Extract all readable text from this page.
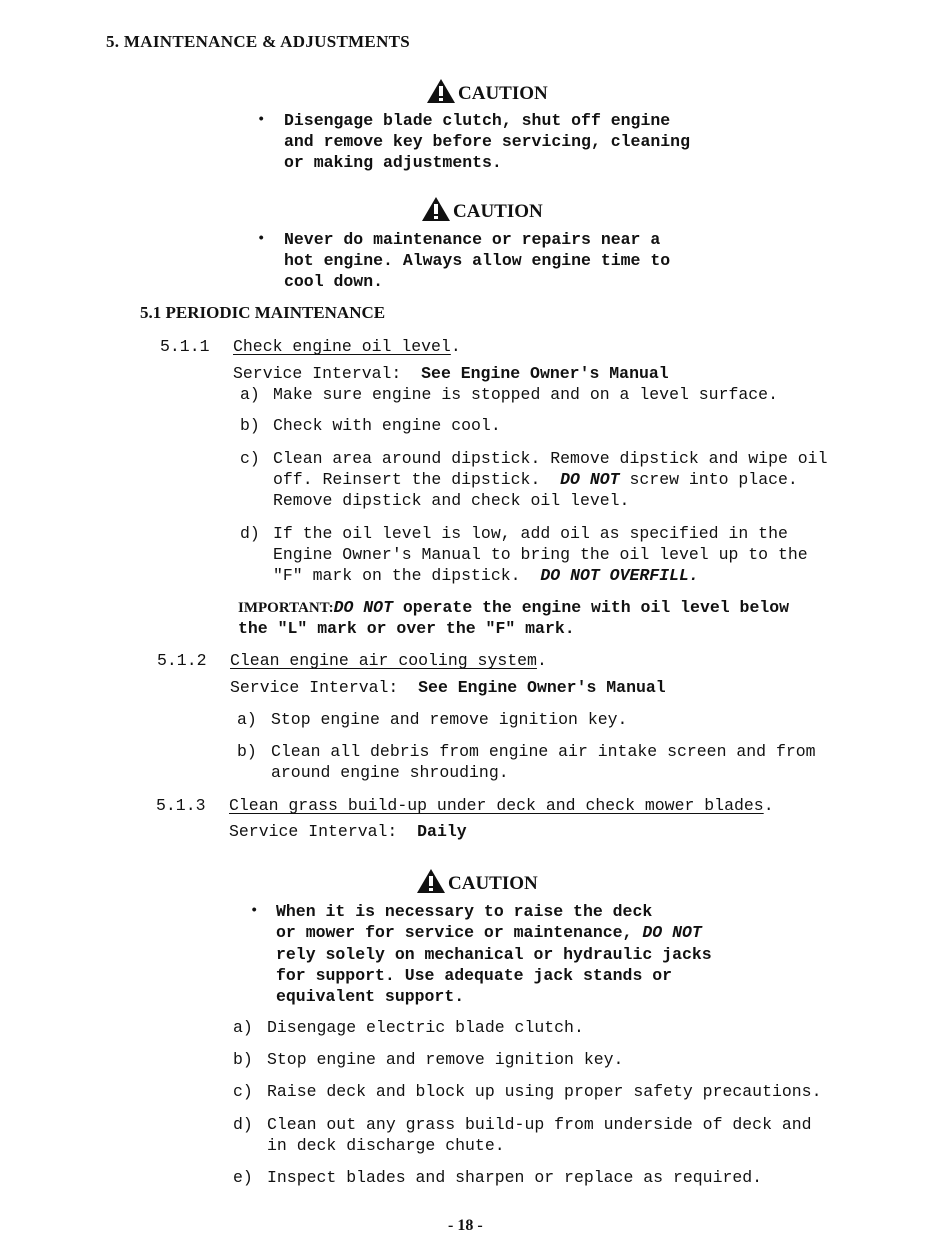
5. MAINTENANCE & ADJUSTMENTS
CAUTION
• Disengage blade clutch, shut off engine
and remove key before servicing, cleaning
or making adjustments.
CAUTION
• Never do maintenance or repairs near a
hot engine. Always allow engine time to
cool down.
5.1 PERIODIC MAINTENANCE
5.1.1 Check engine oil level.
Service Interval: See Engine Owner's Manual
a) Make sure engine is stopped and on a level surface.
b) Check with engine cool.
c) Clean area around dipstick. Remove dipstick and wipe oil
off. Reinsert the dipstick. DO NOT screw into place.
Remove dipstick and check oil level.
d) If the oil level is low, add oil as specified in the
Engine Owner's Manual to bring the oil level up to the
"F" mark on the dipstick. DO NOT OVERFILL.
IMPORTANT:DO NOT operate the engine with oil level below
the "L" mark or over the "F" mark.
5.1.2 Clean engine air cooling system.
Service Interval: See Engine Owner's Manual
a) Stop engine and remove ignition key.
b) Clean all debris from engine air intake screen and from
around engine shrouding.
5.1.3 Clean grass build-up under deck and check mower blades.
Service Interval: Daily
CAUTION
• When it is necessary to raise the deck
or mower for service or maintenance, DO NOT
rely solely on mechanical or hydraulic jacks
for support. Use adequate jack stands or
equivalent support.
a) Disengage electric blade clutch.
b) Stop engine and remove ignition key.
c) Raise deck and block up using proper safety precautions.
d) Clean out any grass build-up from underside of deck and
in deck discharge chute.
e) Inspect blades and sharpen or replace as required.
- 18 -
